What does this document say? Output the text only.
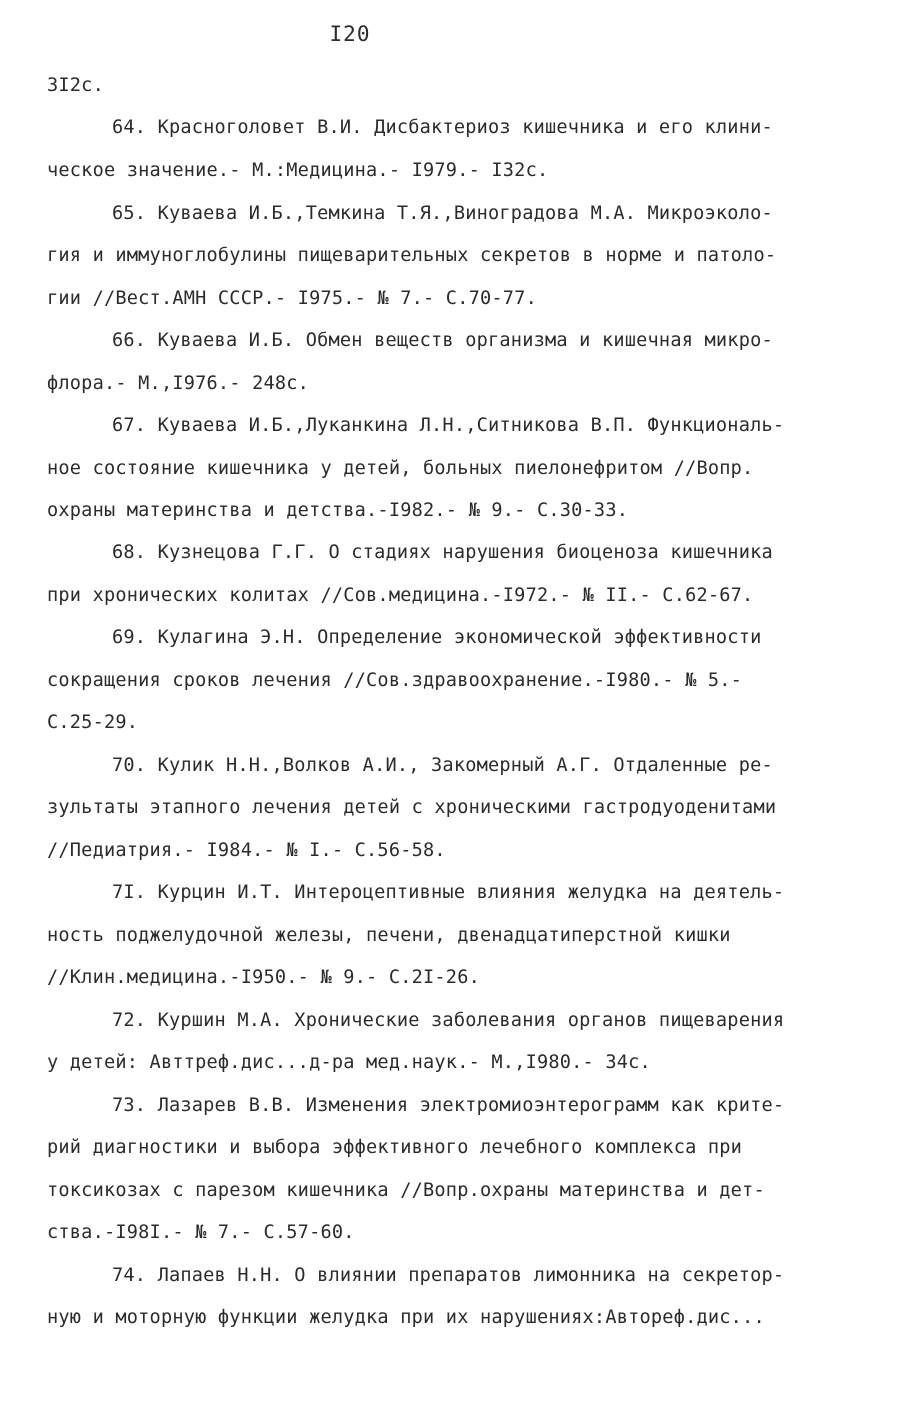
I20
3I2c.
64. Красноголовет В.И. Дисбактериоз кишечника и его клини-
ческое значение.- М.:Медицина.- I979.- I32с.
65. Куваева И.Б.,Темкина Т.Я.,Виноградова М.А. Микроэколо-
гия и иммуноглобулины пищеварительных секретов в норме и патоло-
гии //Вест.АМН СССР.- I975.- № 7.- С.70-77.
66. Куваева И.Б. Обмен веществ организма и кишечная микро-
флора.- М.,I976.- 248с.
67. Куваева И.Б.,Луканкина Л.Н.,Ситникова В.П. Функциональ-
ное состояние кишечника у детей, больных пиелонефритом //Вопр.
охраны материнства и детства.-I982.- № 9.- С.30-33.
68. Кузнецова Г.Г. О стадиях нарушения биоценоза кишечника
при хронических колитах //Сов.медицина.-I972.- № II.- С.62-67.
69. Кулагина Э.Н. Определение экономической эффективности
сокращения сроков лечения //Сов.здравоохранение.-I980.- № 5.-
С.25-29.
70. Кулик Н.Н.,Волков А.И., Закомерный А.Г. Отдаленные ре-
зультаты этапного лечения детей с хроническими гастродуоденитами
//Педиатрия.- I984.- № I.- С.56-58.
7I. Курцин И.Т. Интероцептивные влияния желудка на деятель-
ность поджелудочной железы, печени, двенадцатиперстной кишки
//Клин.медицина.-I950.- № 9.- С.2I-26.
72. Куршин М.А. Хронические заболевания органов пищеварения
у детей: Авттреф.дис...д-ра мед.наук.- М.,I980.- 34с.
73. Лазарев В.В. Изменения электромиоэнтерограмм как крите-
рий диагностики и выбора эффективного лечебного комплекса при
токсикозах с парезом кишечника //Вопр.охраны материнства и дет-
ства.-I98I.- № 7.- С.57-60.
74. Лапаев Н.Н. О влиянии препаратов лимонника на секретор-
ную и моторную функции желудка при их нарушениях:Автореф.дис...
